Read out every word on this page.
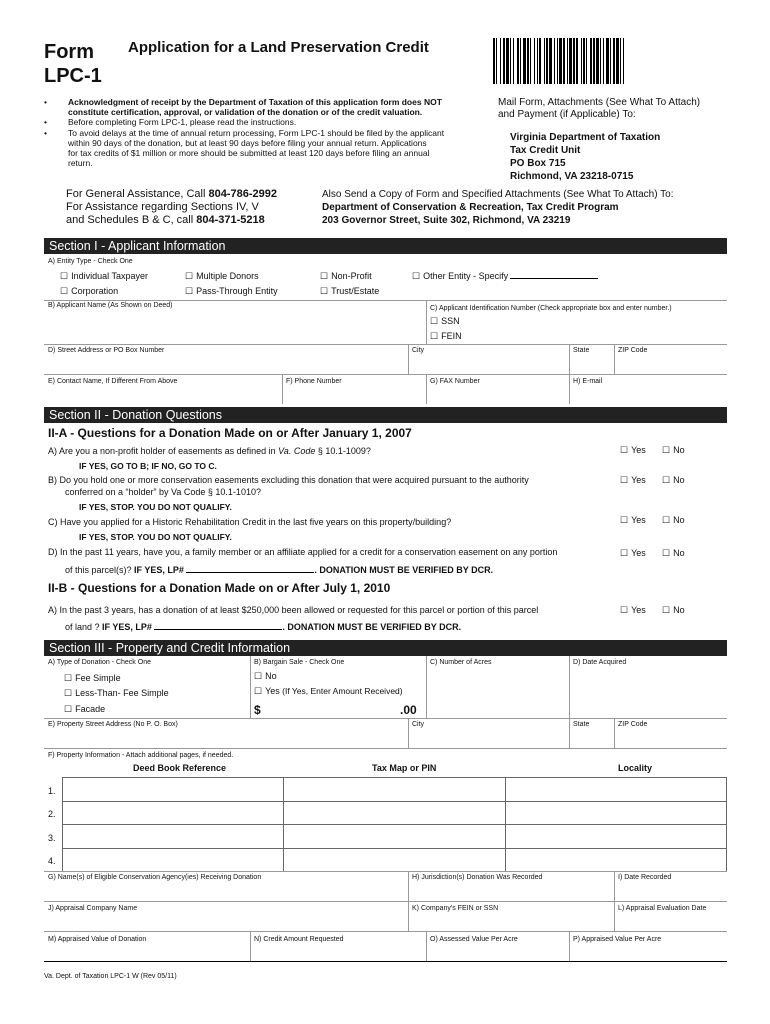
Form
LPC-1
Application for a Land Preservation Credit
• Acknowledgment of receipt by the Department of Taxation of this application form does NOT
constitute certification, approval, or validation of the donation or of the credit valuation.
• Before completing Form LPC-1, please read the instructions.
• To avoid delays at the time of annual return processing, Form LPC-1 should be filed by the applicant
within 90 days of the donation, but at least 90 days before filing your annual return. Applications
for tax credits of $1 million or more should be submitted at least 120 days before filing an annual
return.
Mail Form, Attachments (See What To Attach)
and Payment (if Applicable) To:
Virginia Department of Taxation
Tax Credit Unit
PO Box 715
Richmond, VA 23218-0715
For General Assistance, Call 804-786-2992
For Assistance regarding Sections IV, V
and Schedules B & C, call 804-371-5218
Also Send a Copy of Form and Specified Attachments (See What To Attach) To:
Department of Conservation & Recreation, Tax Credit Program
203 Governor Street, Suite 302, Richmond, VA 23219
Section I - Applicant Information
A) Entity Type - Check One
☐ Individual Taxpayer	☐ Multiple Donors	☐ Non-Profit	☐ Other Entity - Specify
☐ Corporation	☐ Pass-Through Entity	☐ Trust/Estate
B) Applicant Name (As Shown on Deed)	C) Applicant Identification Number (Check appropriate box and enter number.)
☐ SSN
☐ FEIN
D) Street Address or PO Box Number	City	State	ZIP Code
E) Contact Name, If Different From Above	F) Phone Number	G) FAX Number	H) E-mail
Section II - Donation Questions
II-A - Questions for a Donation Made on or After January 1, 2007
A) Are you a non-profit holder of easements as defined in Va. Code § 10.1-1009?	☐ Yes	☐ No
IF YES, GO TO B; IF NO, GO TO C.
B) Do you hold one or more conservation easements excluding this donation that were acquired pursuant to the authority
conferred on a “holder” by Va Code § 10.1-1010?
☐ Yes	☐ No
IF YES, STOP. YOU DO NOT QUALIFY.
C) Have you applied for a Historic Rehabilitation Credit in the last five years on this property/building?	☐ Yes	☐ No
IF YES, STOP. YOU DO NOT QUALIFY.
D) In the past 11 years, have you, a family member or an affiliate applied for a credit for a conservation easement on any portion	☐ Yes	☐ No
of this parcel(s)? IF YES, LP#	. DONATION MUST BE VERIFIED BY DCR.
II-B - Questions for a Donation Made on or After July 1, 2010
A) In the past 3 years, has a donation of at least $250,000 been allowed or requested for this parcel or portion of this parcel	☐ Yes	☐ No
of land ? IF YES, LP#	. DONATION MUST BE VERIFIED BY DCR.
Section III - Property and Credit Information
A) Type of Donation - Check One
☐ Fee Simple
☐ Less-Than- Fee Simple
☐ Facade
B) Bargain Sale - Check One
☐ No
☐ Yes (If Yes, Enter Amount Received)
$	.00
C) Number of Acres	D) Date Acquired
E) Property Street Address (No P. O. Box)	City	State	ZIP Code
F) Property Information - Attach additional pages, if needed.
Deed Book Reference	Tax Map or PIN	Locality
1.
2.
3.
4.
G) Name(s) of Eligible Conservation Agency(ies) Receiving Donation	H) Jurisdiction(s) Donation Was Recorded	I) Date Recorded
J) Appraisal Company Name	K) Company's FEIN or SSN	L) Appraisal Evaluation Date
M) Appraised Value of Donation	N) Credit Amount Requested	O) Assessed Value Per Acre	P) Appraised Value Per Acre
Va. Dept. of Taxation LPC-1 W (Rev 05/11)
